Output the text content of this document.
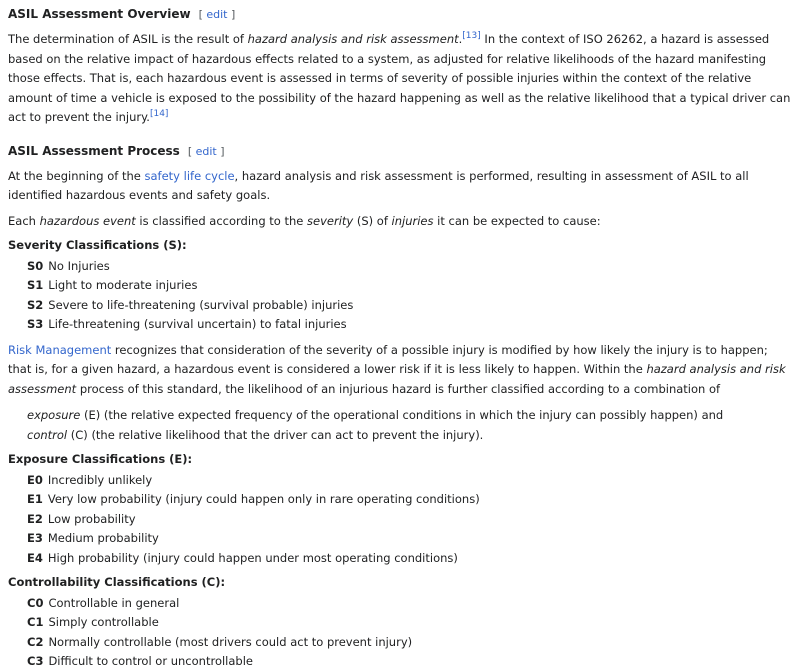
ASIL Assessment Overview [ edit ]

The determination of ASIL is the result of hazard analysis and risk assessment.[13] In the context of ISO 26262, a hazard is assessed based on the relative impact of hazardous effects related to a system, as adjusted for relative likelihoods of the hazard manifesting those effects. That is, each hazardous event is assessed in terms of severity of possible injuries within the context of the relative amount of time a vehicle is exposed to the possibility of the hazard happening as well as the relative likelihood that a typical driver can act to prevent the injury.[14]

ASIL Assessment Process [ edit ]

At the beginning of the safety life cycle, hazard analysis and risk assessment is performed, resulting in assessment of ASIL to all identified hazardous events and safety goals.

Each hazardous event is classified according to the severity (S) of injuries it can be expected to cause:

Severity Classifications (S):
S0 No Injuries
S1 Light to moderate injuries
S2 Severe to life-threatening (survival probable) injuries
S3 Life-threatening (survival uncertain) to fatal injuries

Risk Management recognizes that consideration of the severity of a possible injury is modified by how likely the injury is to happen; that is, for a given hazard, a hazardous event is considered a lower risk if it is less likely to happen. Within the hazard analysis and risk assessment process of this standard, the likelihood of an injurious hazard is further classified according to a combination of

exposure (E) (the relative expected frequency of the operational conditions in which the injury can possibly happen) and
control (C) (the relative likelihood that the driver can act to prevent the injury).
Exposure Classifications (E):
E0 Incredibly unlikely
E1 Very low probability (injury could happen only in rare operating conditions)
E2 Low probability
E3 Medium probability
E4 High probability (injury could happen under most operating conditions)
Controllability Classifications (C):
C0 Controllable in general
C1 Simply controllable
C2 Normally controllable (most drivers could act to prevent injury)
C3 Difficult to control or uncontrollable
